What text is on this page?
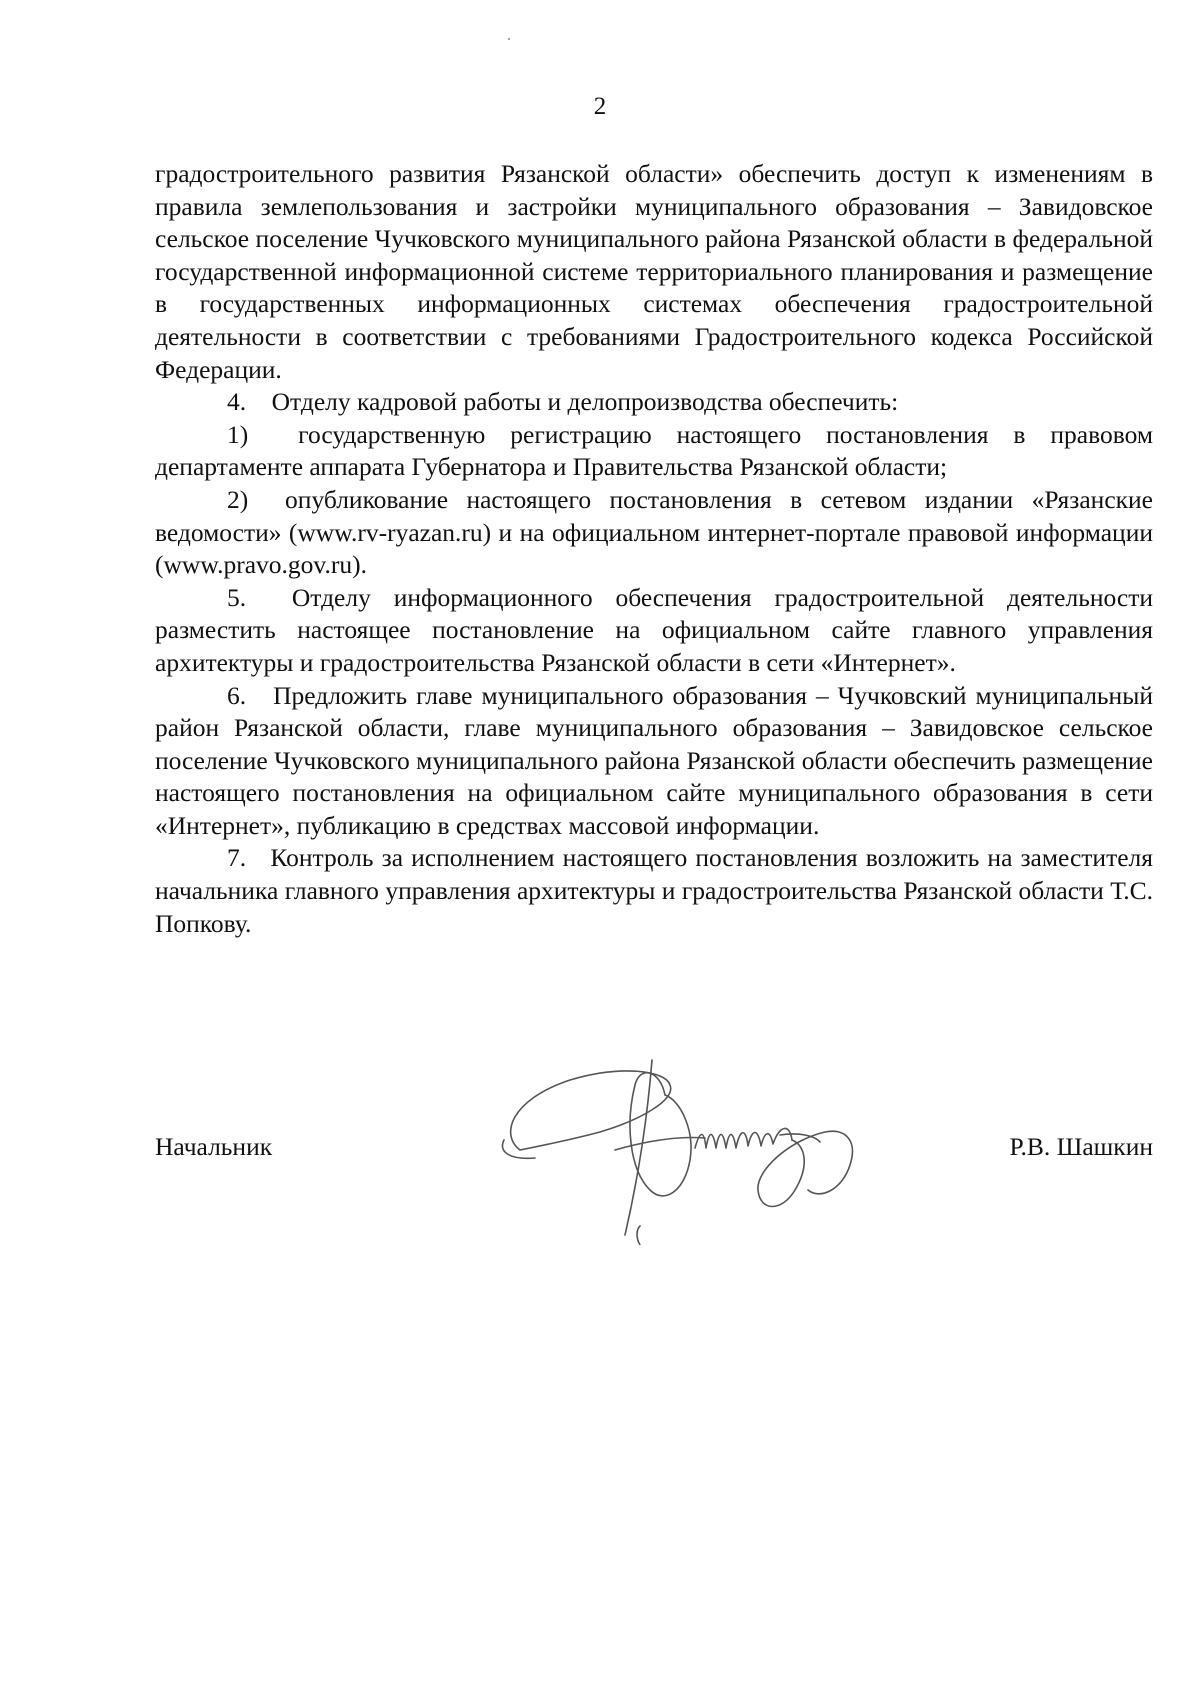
2

градостроительного развития Рязанской области» обеспечить доступ к изменениям в правила землепользования и застройки муниципального образования – Завидовское сельское поселение Чучковского муниципального района Рязанской области в федеральной государственной информационной системе территориального планирования и размещение в государственных информационных системах обеспечения градостроительной деятельности в соответствии с требованиями Градостроительного кодекса Российской Федерации.

4.    Отделу кадровой работы и делопроизводства обеспечить:

1)  государственную регистрацию настоящего постановления в правовом департаменте аппарата Губернатора и Правительства Рязанской области;

2)  опубликование настоящего постановления в сетевом издании «Рязанские ведомости» (www.rv-ryazan.ru) и на официальном интернет-портале правовой информации (www.pravo.gov.ru).

5.  Отделу информационного обеспечения градостроительной деятельности разместить настоящее постановление на официальном сайте главного управления архитектуры и градостроительства Рязанской области в сети «Интернет».

6.   Предложить главе муниципального образования – Чучковский муниципальный район Рязанской области, главе муниципального образования – Завидовское сельское поселение Чучковского муниципального района Рязанской области обеспечить размещение настоящего постановления на официальном сайте муниципального образования в сети «Интернет», публикацию в средствах массовой информации.

7.   Контроль за исполнением настоящего постановления возложить на заместителя начальника главного управления архитектуры и градостроительства Рязанской области Т.С. Попкову.

Начальник	Р.В. Шашкин
